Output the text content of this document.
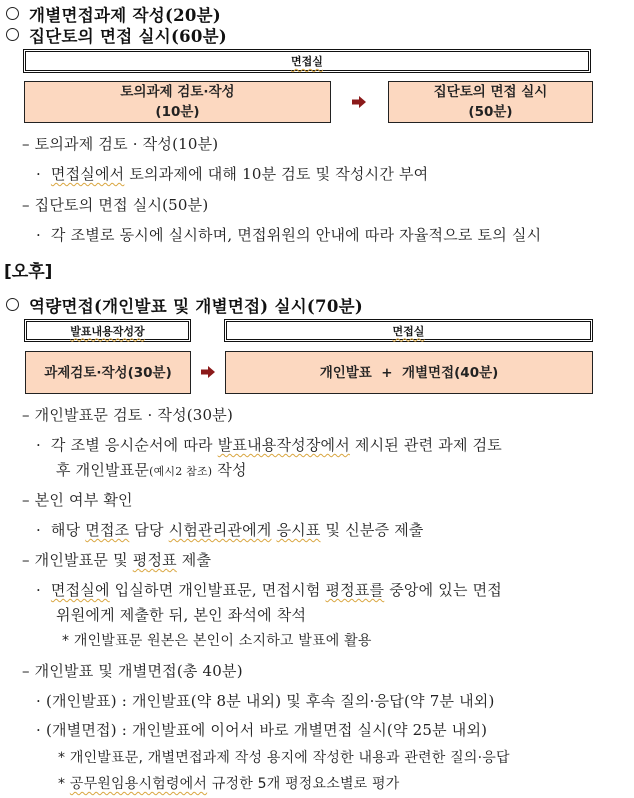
개별면접과제 작성(20분)
집단토의 면접 실시(60분)
면접실
토의과제 검토·작성
(10분)
집단토의 면접 실시
(50분)
– 토의과제 검토 · 작성(10분)
· 면접실에서 토의과제에 대해 10분 검토 및 작성시간 부여
– 집단토의 면접 실시(50분)
· 각 조별로 동시에 실시하며, 면접위원의 안내에 따라 자율적으로 토의 실시
[오후]
역량면접(개인발표 및 개별면접) 실시(70분)
발표내용작성장	면접실
과제검토·작성(30분)	개인발표  +  개별면접(40분)
– 개인발표문 검토 · 작성(30분)
· 각 조별 응시순서에 따라 발표내용작성장에서 제시된 관련 과제 검토
후 개인발표문(예시2 참조) 작성
– 본인 여부 확인
· 해당 면접조 담당 시험관리관에게 응시표 및 신분증 제출
– 개인발표문 및 평정표 제출
· 면접실에 입실하면 개인발표문, 면접시험 평정표를 중앙에 있는 면접
위원에게 제출한 뒤, 본인 좌석에 착석
* 개인발표문 원본은 본인이 소지하고 발표에 활용
– 개인발표 및 개별면접(총 40분)
· (개인발표) : 개인발표(약 8분 내외) 및 후속 질의·응답(약 7분 내외)
· (개별면접) : 개인발표에 이어서 바로 개별면접 실시(약 25분 내외)
* 개인발표문, 개별면접과제 작성 용지에 작성한 내용과 관련한 질의·응답
* 공무원임용시험령에서 규정한 5개 평정요소별로 평가
